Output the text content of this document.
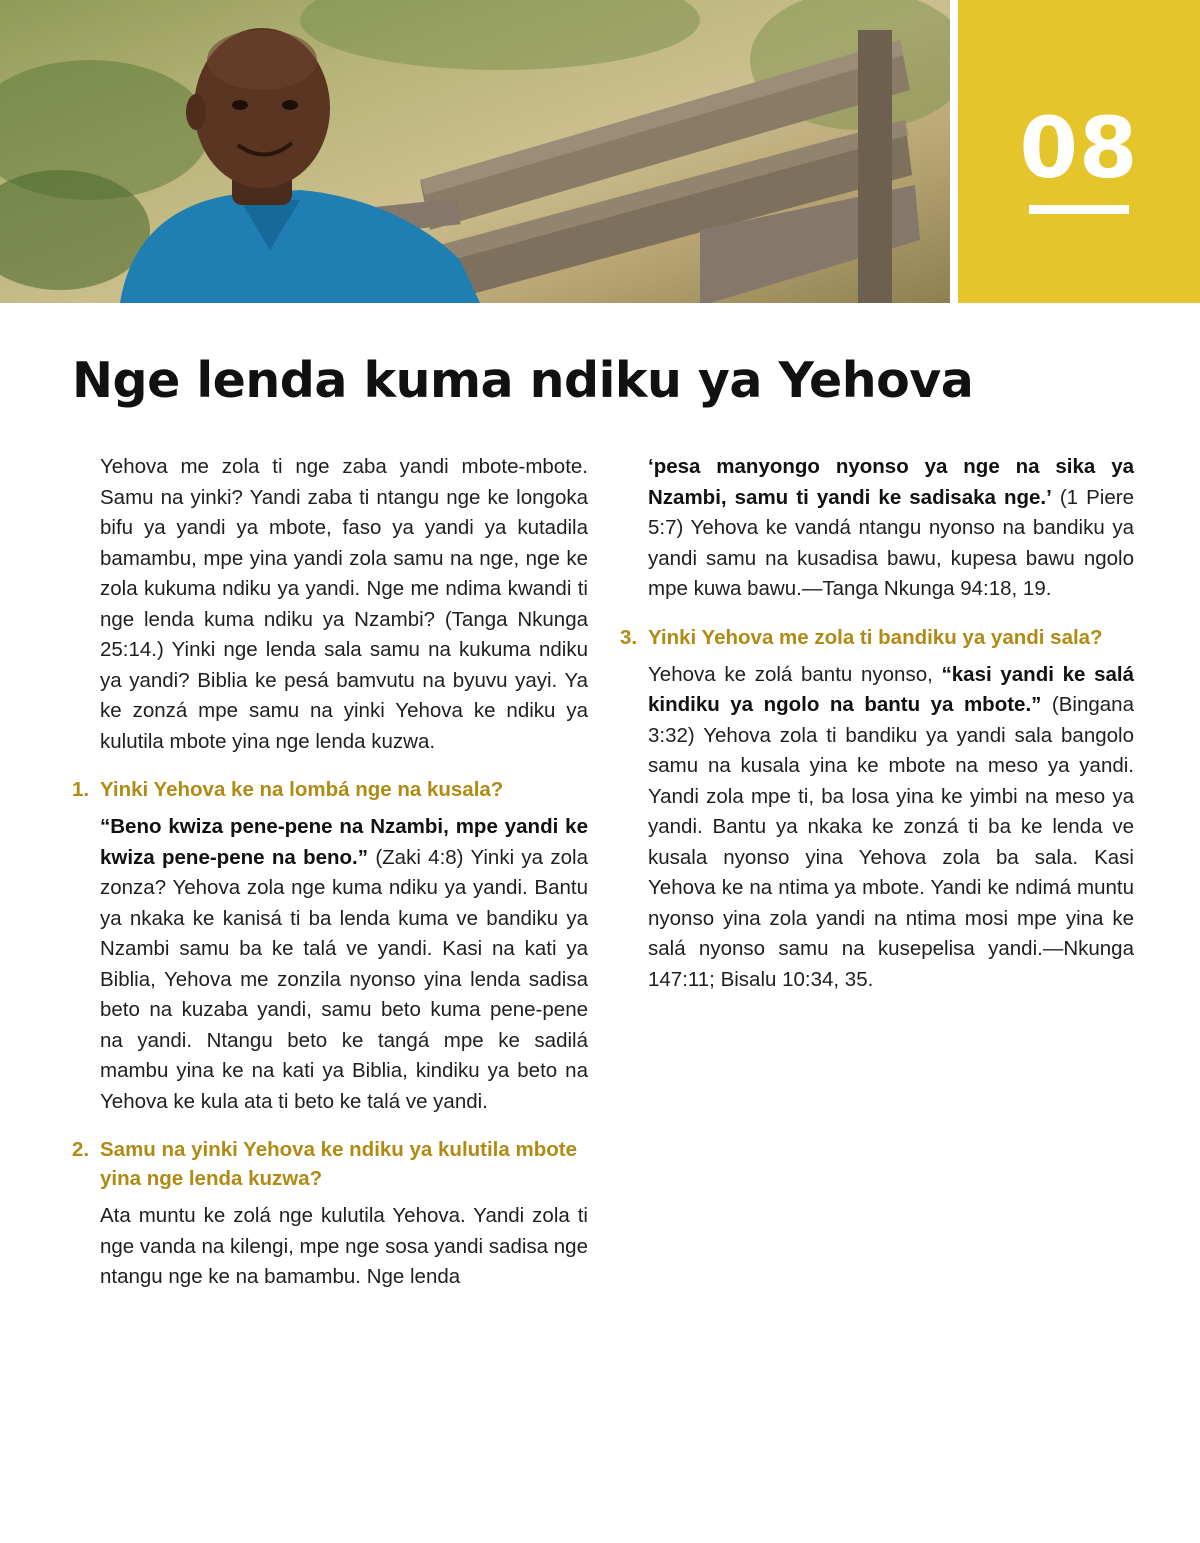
08
Nge lenda kuma ndiku ya Yehova

Yehova me zola ti nge zaba yandi mbote-mbote. Samu na yinki? Yandi zaba ti ntangu nge ke longoka bifu ya yandi ya mbote, faso ya yandi ya kutadila bamambu, mpe yina yandi zola samu na nge, nge ke zola kukuma ndiku ya yandi. Nge me ndima kwandi ti nge lenda kuma ndiku ya Nzambi? (Tanga Nkunga 25:14.) Yinki nge lenda sala samu na kukuma ndiku ya yandi? Biblia ke pesá bamvutu na byuvu yayi. Ya ke zonzá mpe samu na yinki Yehova ke ndiku ya kulutila mbote yina nge lenda kuzwa.

1. Yinki Yehova ke na lombá nge na kusala?

“Beno kwiza pene-pene na Nzambi, mpe yandi ke kwiza pene-pene na beno.” (Zaki 4:8) Yinki ya zola zonza? Yehova zola nge kuma ndiku ya yandi. Bantu ya nkaka ke kanisá ti ba lenda kuma ve bandiku ya Nzambi samu ba ke talá ve yandi. Kasi na kati ya Biblia, Yehova me zonzila nyonso yina lenda sadisa beto na kuzaba yandi, samu beto kuma pene-pene na yandi. Ntangu beto ke tangá mpe ke sadilá mambu yina ke na kati ya Biblia, kindiku ya beto na Yehova ke kula ata ti beto ke talá ve yandi.

2. Samu na yinki Yehova ke ndiku ya kulutila mbote yina nge lenda kuzwa?

Ata muntu ke zolá nge kulutila Yehova. Yandi zola ti nge vanda na kilengi, mpe nge sosa yandi sadisa nge ntangu nge ke na bamambu. Nge lenda

‘pesa manyongo nyonso ya nge na sika ya Nzambi, samu ti yandi ke sadisaka nge.’ (1 Piere 5:7) Yehova ke vandá ntangu nyonso na bandiku ya yandi samu na kusadisa bawu, kupesa bawu ngolo mpe kuwa bawu.—Tanga Nkunga 94:18, 19.

3. Yinki Yehova me zola ti bandiku ya yandi sala?

Yehova ke zolá bantu nyonso, “kasi yandi ke salá kindiku ya ngolo na bantu ya mbote.” (Bingana 3:32) Yehova zola ti bandiku ya yandi sala bangolo samu na kusala yina ke mbote na meso ya yandi. Yandi zola mpe ti, ba losa yina ke yimbi na meso ya yandi. Bantu ya nkaka ke zonzá ti ba ke lenda ve kusala nyonso yina Yehova zola ba sala. Kasi Yehova ke na ntima ya mbote. Yandi ke ndimá muntu nyonso yina zola yandi na ntima mosi mpe yina ke salá nyonso samu na kusepelisa yandi.—Nkunga 147:11; Bisalu 10:34, 35.
